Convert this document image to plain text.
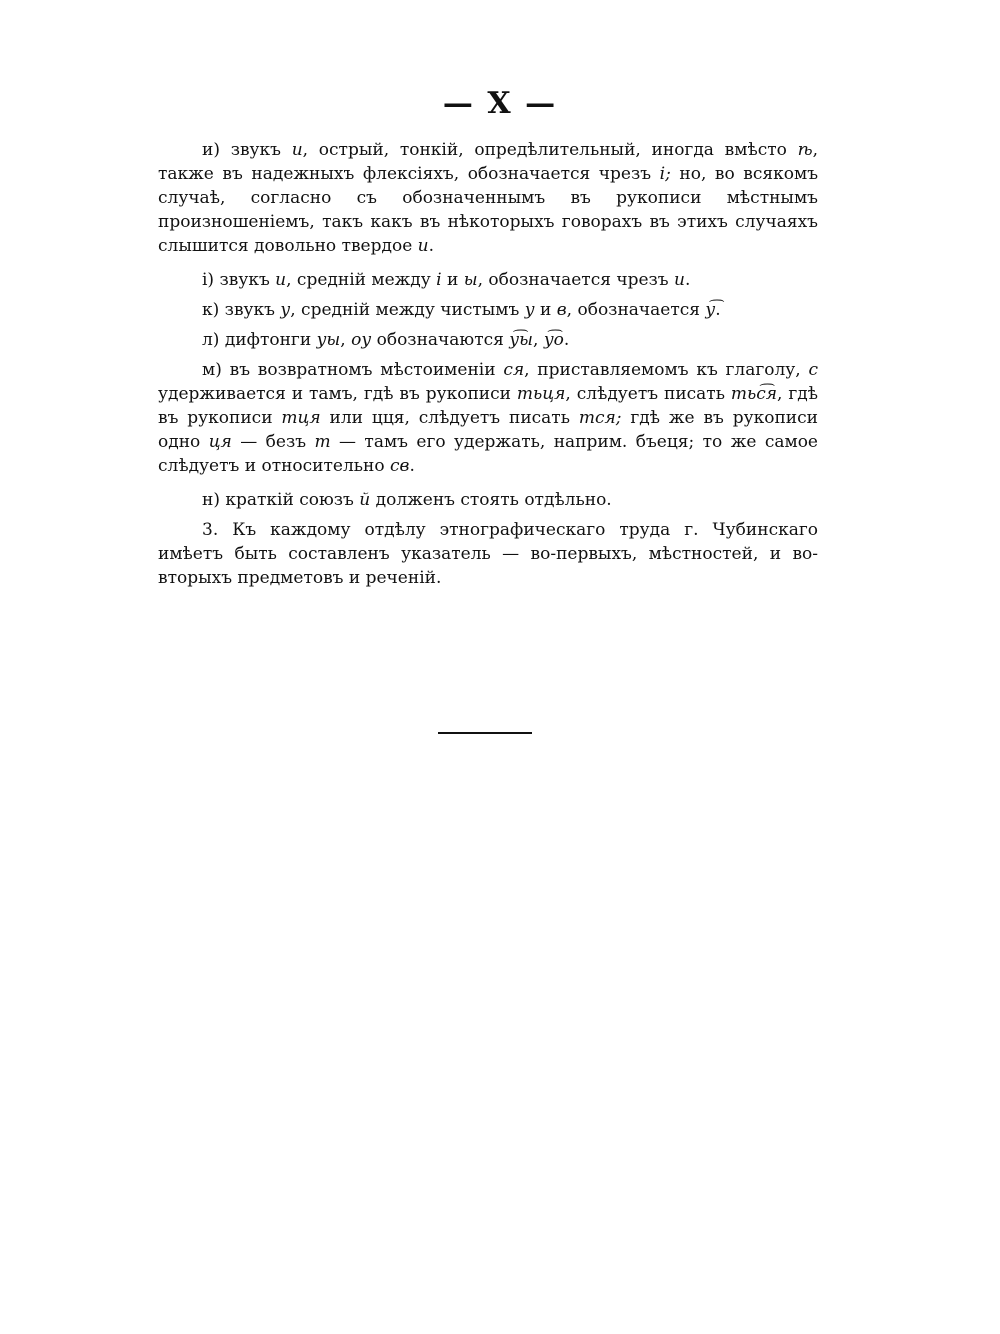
— X —

и) звукъ и, острый, тонкій, опредѣлительный, иногда вмѣсто ѣ, также въ надежныхъ флексіяхъ, обозначается чрезъ і; но, во всякомъ случаѣ, согласно съ обозначеннымъ въ рукописи мѣстнымъ произношеніемъ, такъ какъ въ нѣкоторыхъ говорахъ въ этихъ случаяхъ слышится довольно твердое и.

і) звукъ и, средній между і и ы, обозначается чрезъ и.

к) звукъ у, средній между чистымъ у и в, обозначается у͡.

л) дифтонги уы, оу обозначаются у͡ы, у͡о.

м) въ возвратномъ мѣстоименіи ся, приставляемомъ къ глаголу, с удерживается и тамъ, гдѣ въ рукописи тьця, слѣдуетъ писать тьс͡я, гдѣ въ рукописи тця или цця, слѣдуетъ писать тся; гдѣ же въ рукописи одно ця — безъ т — тамъ его удержать, наприм. бъеця; то же самое слѣдуетъ и относительно св.

н) краткій союзъ й долженъ стоять отдѣльно.

3. Къ каждому отдѣлу этнографическаго труда г. Чубинскаго имѣетъ быть составленъ указатель — во-первыхъ, мѣстностей, и во-вторыхъ предметовъ и реченій.
